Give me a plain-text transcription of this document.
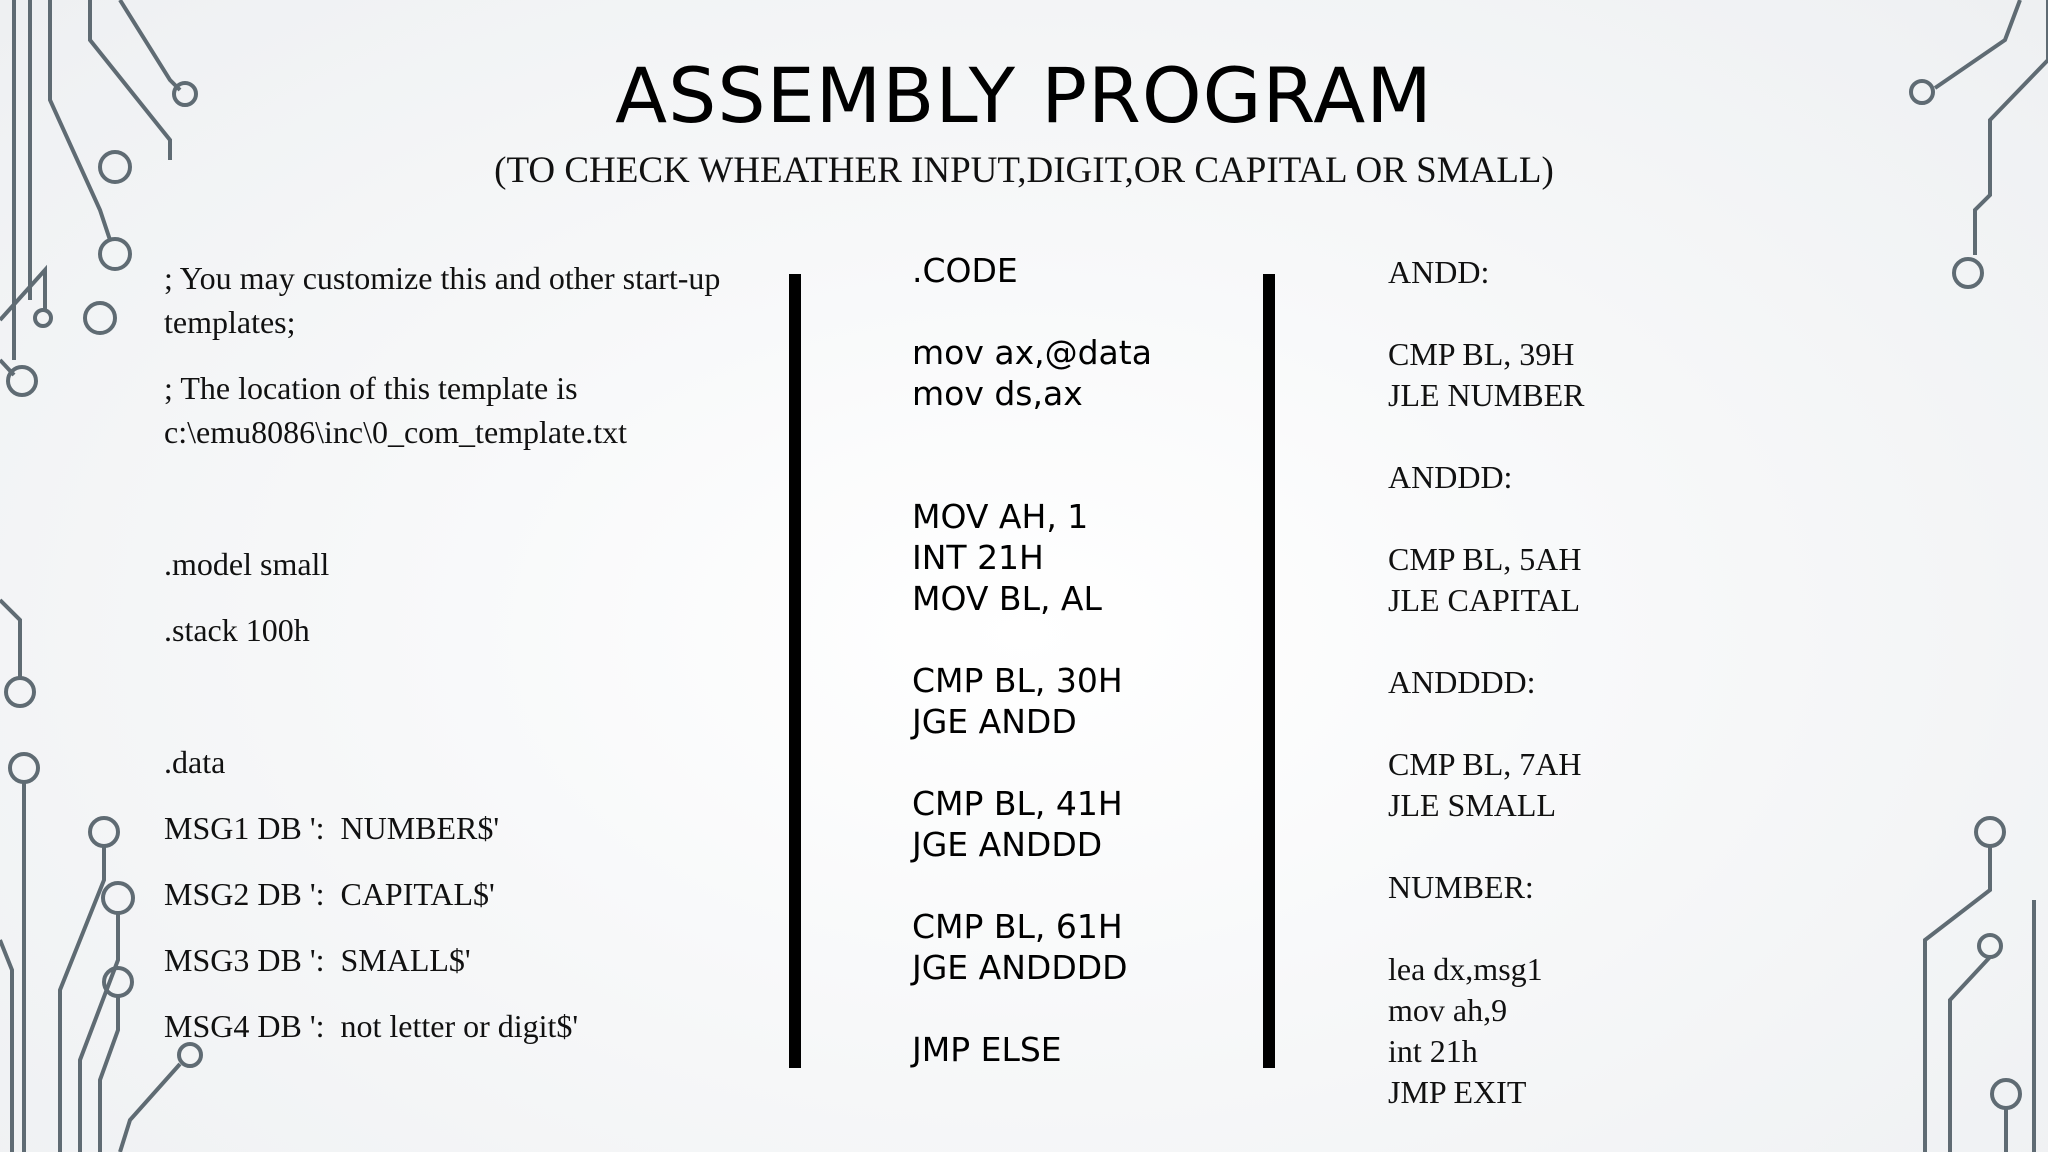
ASSEMBLY PROGRAM
(TO CHECK WHEATHER INPUT,DIGIT,OR CAPITAL OR SMALL)
; You may customize this and other start-up templates;
; The location of this template is
c:\emu8086\inc\0_com_template.txt
.model small
.stack 100h
.data
MSG1 DB ':  NUMBER$'
MSG2 DB ':  CAPITAL$'
MSG3 DB ':  SMALL$'
MSG4 DB ':  not letter or digit$'
.CODE
mov ax,@data
mov ds,ax
MOV AH, 1
INT 21H
MOV BL, AL
CMP BL, 30H
JGE ANDD
CMP BL, 41H
JGE ANDDD
CMP BL, 61H
JGE ANDDDD
JMP ELSE
ANDD:
CMP BL, 39H
JLE NUMBER
ANDDD:
CMP BL, 5AH
JLE CAPITAL
ANDDDD:
CMP BL, 7AH
JLE SMALL
NUMBER:
lea dx,msg1
mov ah,9
int 21h
JMP EXIT
